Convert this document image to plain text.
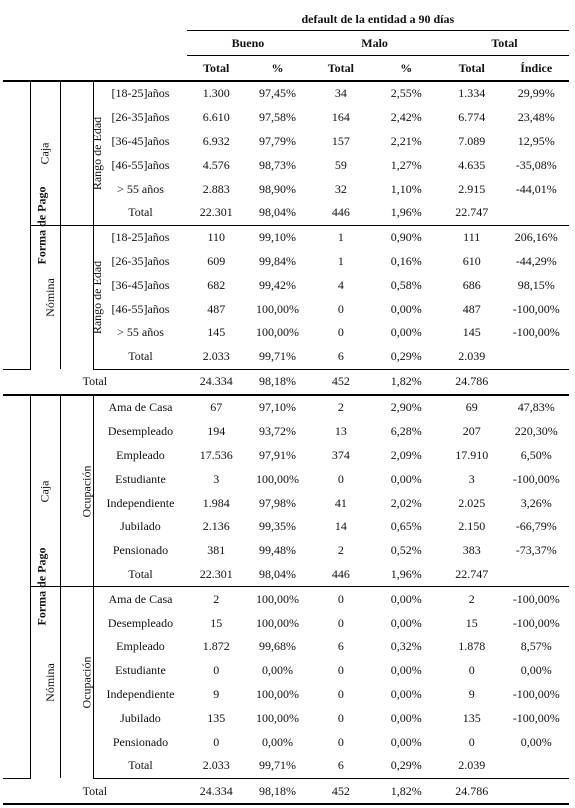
				default de la entidad a 90 días					
				Bueno		Malo		Total	
				Total	%	Total	%	Total	Índice
Forma de Pago	Caja	Rango de Edad	[18-25]años	1.300	97,45%	34	2,55%	1.334	29,99%
			[26-35]años	6.610	97,58%	164	2,42%	6.774	23,48%
			[36-45]años	6.932	97,79%	157	2,21%	7.089	12,95%
			[46-55]años	4.576	98,73%	59	1,27%	4.635	-35,08%
			> 55 años	2.883	98,90%	32	1,10%	2.915	-44,01%
			Total	22.301	98,04%	446	1,96%	22.747	
	Nómina	Rango de Edad	[18-25]años	110	99,10%	1	0,90%	111	206,16%
			[26-35]años	609	99,84%	1	0,16%	610	-44,29%
			[36-45]años	682	99,42%	4	0,58%	686	98,15%
			[46-55]años	487	100,00%	0	0,00%	487	-100,00%
			> 55 años	145	100,00%	0	0,00%	145	-100,00%
			Total	2.033	99,71%	6	0,29%	2.039	
Total				24.334	98,18%	452	1,82%	24.786	
Forma de Pago	Caja	Ocupación	Ama de Casa	67	97,10%	2	2,90%	69	47,83%
			Desempleado	194	93,72%	13	6,28%	207	220,30%
			Empleado	17.536	97,91%	374	2,09%	17.910	6,50%
			Estudiante	3	100,00%	0	0,00%	3	-100,00%
			Independiente	1.984	97,98%	41	2,02%	2.025	3,26%
			Jubilado	2.136	99,35%	14	0,65%	2.150	-66,79%
			Pensionado	381	99,48%	2	0,52%	383	-73,37%
			Total	22.301	98,04%	446	1,96%	22.747	
	Nómina	Ocupación	Ama de Casa	2	100,00%	0	0,00%	2	-100,00%
			Desempleado	15	100,00%	0	0,00%	15	-100,00%
			Empleado	1.872	99,68%	6	0,32%	1.878	8,57%
			Estudiante	0	0,00%	0	0,00%	0	0,00%
			Independiente	9	100,00%	0	0,00%	9	-100,00%
			Jubilado	135	100,00%	0	0,00%	135	-100,00%
			Pensionado	0	0,00%	0	0,00%	0	0,00%
			Total	2.033	99,71%	6	0,29%	2.039	
Total				24.334	98,18%	452	1,82%	24.786	
